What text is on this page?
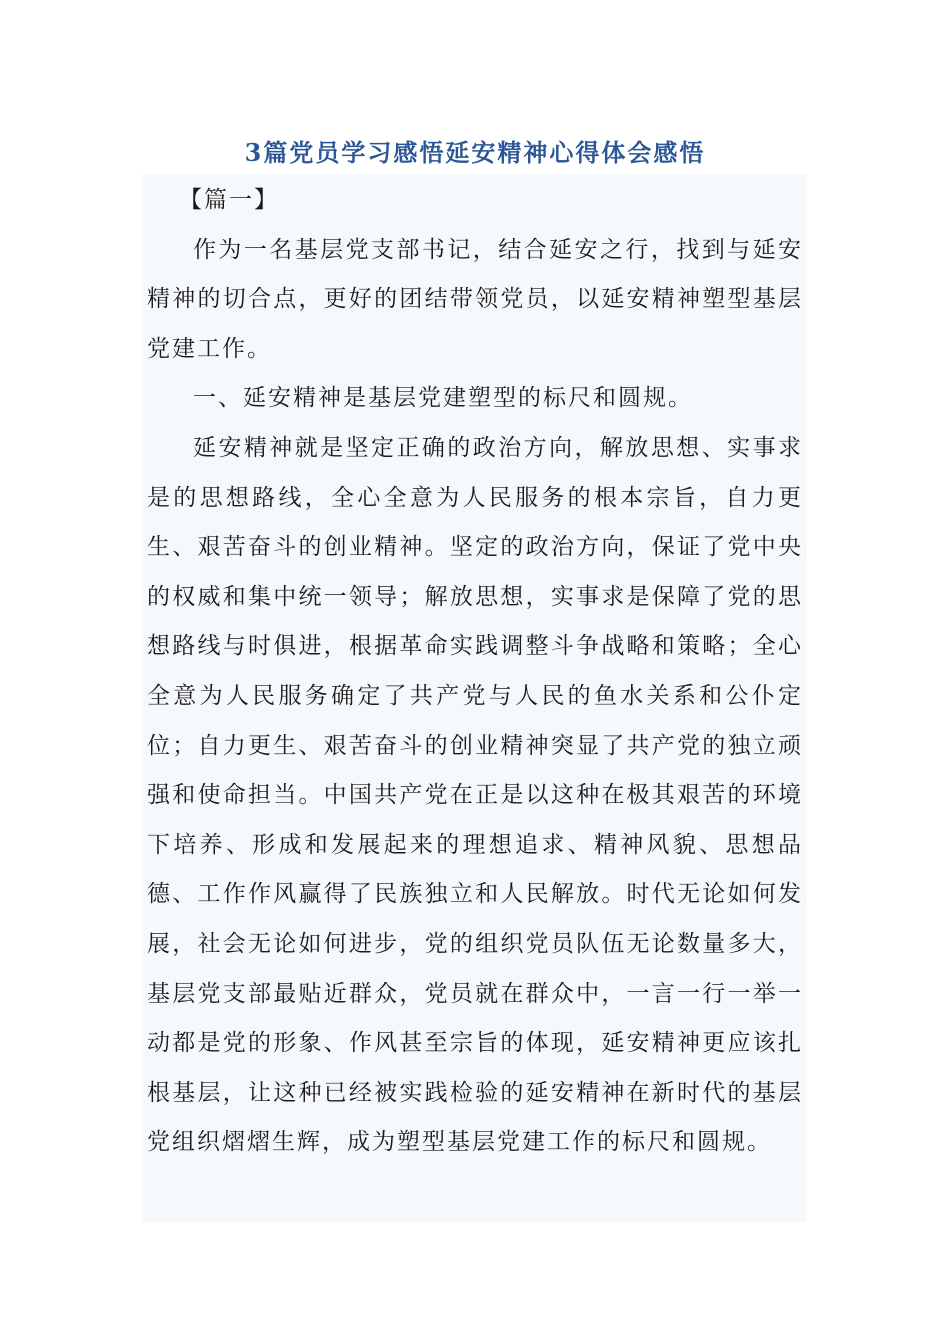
3篇党员学习感悟延安精神心得体会感悟

【篇一】

作为一名基层党支部书记，结合延安之行，找到与延安精神的切合点，更好的团结带领党员，以延安精神塑型基层党建工作。

一、延安精神是基层党建塑型的标尺和圆规。

延安精神就是坚定正确的政治方向，解放思想、实事求是的思想路线，全心全意为人民服务的根本宗旨，自力更生、艰苦奋斗的创业精神。坚定的政治方向，保证了党中央的权威和集中统一领导；解放思想，实事求是保障了党的思想路线与时俱进，根据革命实践调整斗争战略和策略；全心全意为人民服务确定了共产党与人民的鱼水关系和公仆定位；自力更生、艰苦奋斗的创业精神突显了共产党的独立顽强和使命担当。中国共产党在正是以这种在极其艰苦的环境下培养、形成和发展起来的理想追求、精神风貌、思想品德、工作作风赢得了民族独立和人民解放。时代无论如何发展，社会无论如何进步，党的组织党员队伍无论数量多大，基层党支部最贴近群众，党员就在群众中，一言一行一举一动都是党的形象、作风甚至宗旨的体现，延安精神更应该扎根基层，让这种已经被实践检验的延安精神在新时代的基层党组织熠熠生辉，成为塑型基层党建工作的标尺和圆规。
